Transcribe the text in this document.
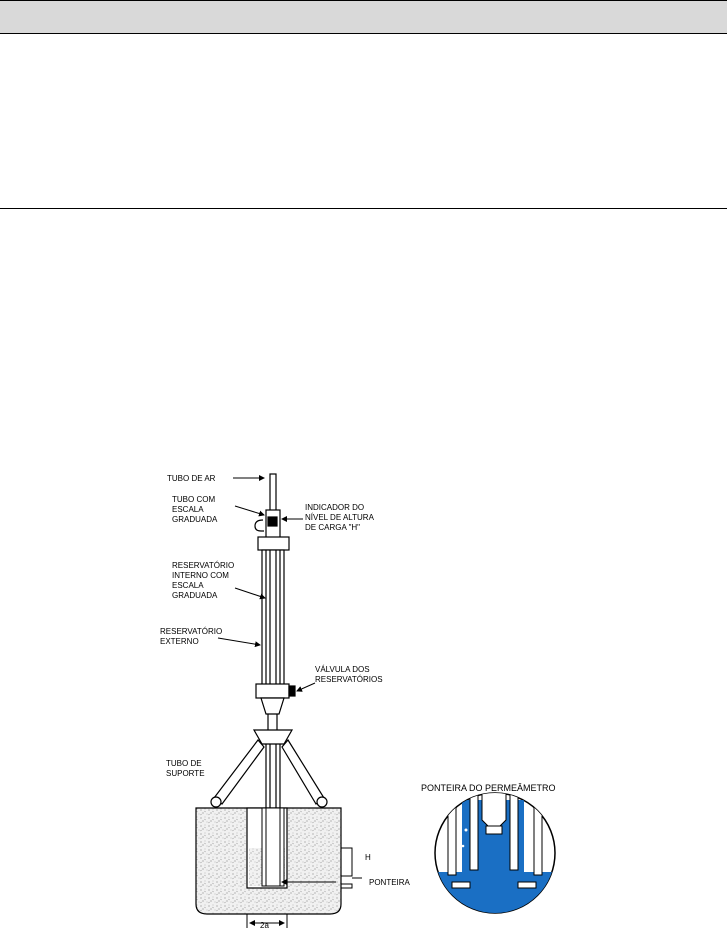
H
2a
TUBO DE AR
TUBO COM ESCALA GRADUADA
INDICADOR DO NÍVEL DE ALTURA DE CARGA "H"
RESERVATÓRIO INTERNO COM ESCALA GRADUADA
RESERVATÓRIO EXTERNO
VÁLVULA DOS RESERVATÓRIOS
TUBO DE SUPORTE
PONTEIRA
PONTEIRA DO PERMEÂMETRO
